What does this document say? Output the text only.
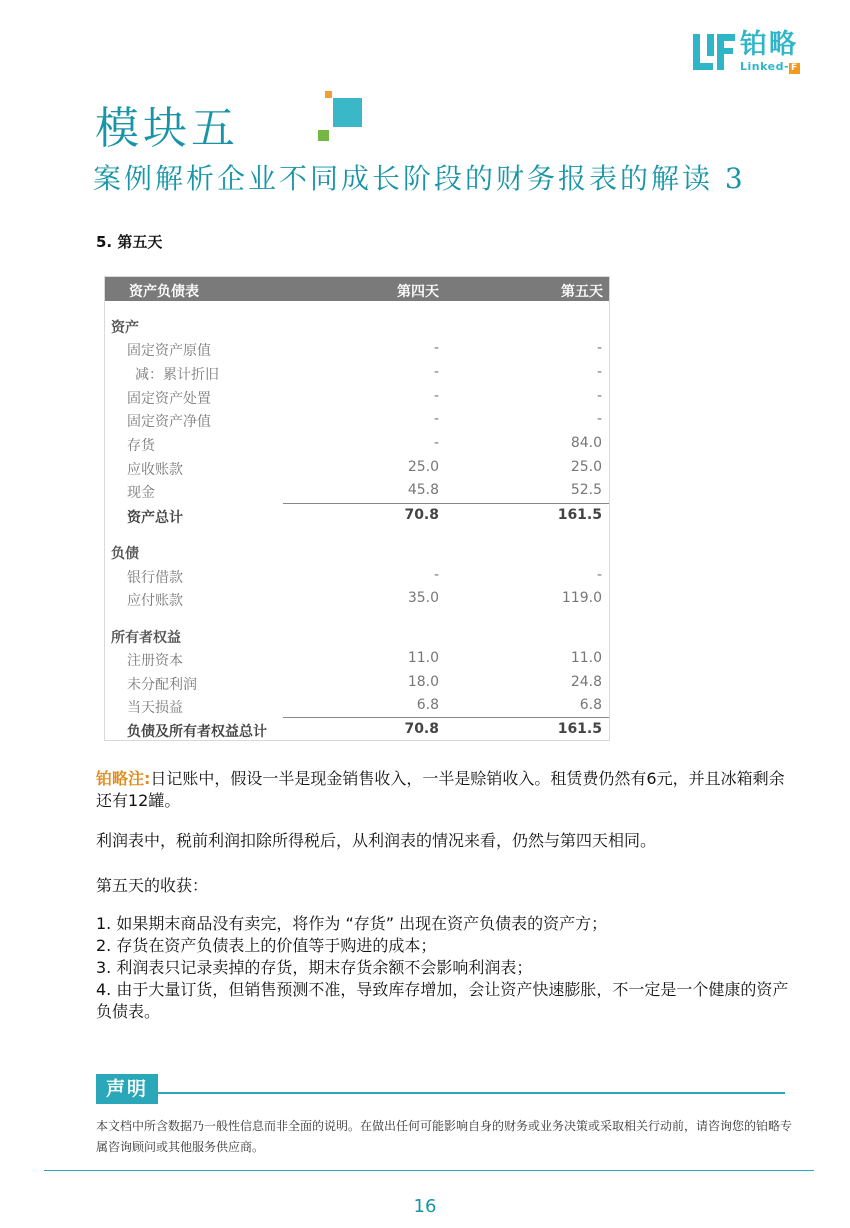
铂略
Linked- F
模块五
案例解析企业不同成长阶段的财务报表的解读 3
5. 第五天
资产负债表	第四天	第五天
资产
固定资产原值	-	-
减：累计折旧	-	-
固定资产处置	-	-
固定资产净值	-	-
存货	-	84.0
应收账款	25.0	25.0
现金	45.8	52.5
资产总计	70.8	161.5
负债
银行借款	-	-
应付账款	35.0	119.0
所有者权益
注册资本	11.0	11.0
未分配利润	18.0	24.8
当天损益	6.8	6.8
负债及所有者权益总计	70.8	161.5
铂略注:日记账中，假设一半是现金销售收入，一半是赊销收入。租赁费仍然有6元，并且冰箱剩余还有12罐。
利润表中，税前利润扣除所得税后，从利润表的情况来看，仍然与第四天相同。
第五天的收获：
1. 如果期末商品没有卖完，将作为 “存货” 出现在资产负债表的资产方；
2. 存货在资产负债表上的价值等于购进的成本；
3. 利润表只记录卖掉的存货，期末存货余额不会影响利润表；
4. 由于大量订货，但销售预测不准，导致库存增加，会让资产快速膨胀，不一定是一个健康的资产负债表。
声明
本文档中所含数据乃一般性信息而非全面的说明。在做出任何可能影响自身的财务或业务决策或采取相关行动前，请咨询您的铂略专属咨询顾问或其他服务供应商。
16
